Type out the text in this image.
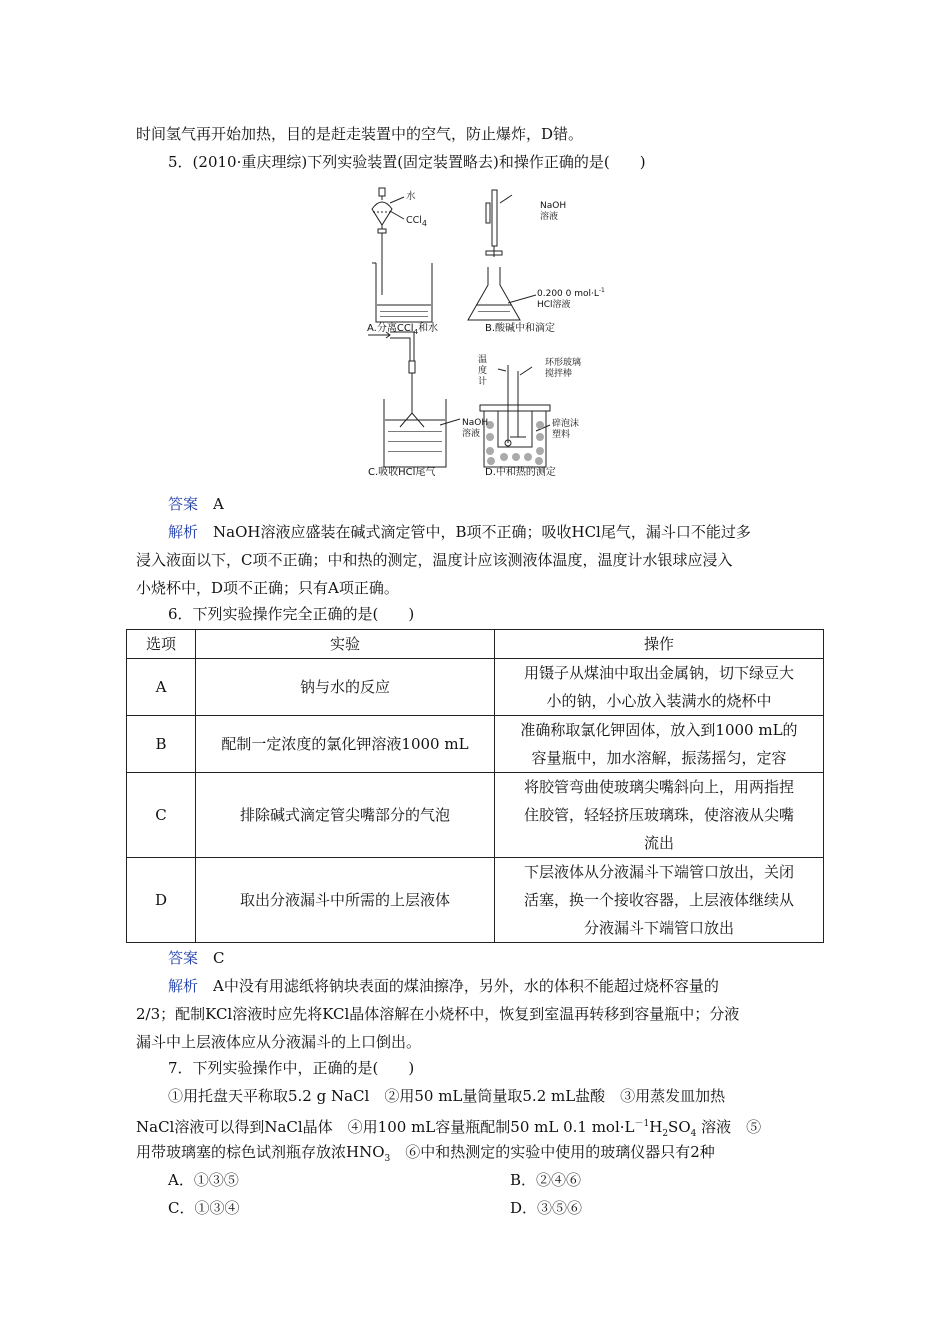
时间氢气再开始加热，目的是赶走装置中的空气，防止爆炸，D错。
5．(2010·重庆理综)下列实验装置(固定装置略去)和操作正确的是(　　)
水
CCl$_4$
A.分离CCl$_4$和水
NaOH
溶液
0.200 0 $mol\cdot L^{-1}$
HCl溶液
B.酸碱中和滴定
NaOH
溶液
C.吸收HCl尾气
温
度
计
环形玻璃
搅拌棒
碎泡沫
塑料
D.中和热的测定
答案　 A
解析　 NaOH溶液应盛装在碱式滴定管中，B项不正确；吸收HCl尾气，漏斗口不能过多
浸入液面以下，C项不正确；中和热的测定，温度计应该测液体温度，温度计水银球应浸入
小烧杯中，D项不正确；只有A项正确。
6．下列实验操作完全正确的是(　　)
选项	实验	操作
A	钠与水的反应	用镊子从煤油中取出金属钠，切下绿豆大
小的钠，小心放入装满水的烧杯中
B	配制一定浓度的氯化钾溶液1000 mL	准确称取氯化钾固体，放入到1000 mL的
容量瓶中，加水溶解，振荡摇匀，定容
C	排除碱式滴定管尖嘴部分的气泡	将胶管弯曲使玻璃尖嘴斜向上，用两指捏
住胶管，轻轻挤压玻璃珠，使溶液从尖嘴
流出
D	取出分液漏斗中所需的上层液体	下层液体从分液漏斗下端管口放出，关闭
活塞，换一个接收容器，上层液体继续从
分液漏斗下端管口放出
答案　 C
解析　 A中没有用滤纸将钠块表面的煤油擦净，另外，水的体积不能超过烧杯容量的
2/3；配制KCl溶液时应先将KCl晶体溶解在小烧杯中，恢复到室温再转移到容量瓶中；分液
漏斗中上层液体应从分液漏斗的上口倒出。
7．下列实验操作中，正确的是(　　)
①用托盘天平称取5.2 g NaCl　②用50 mL量筒量取5.2 mL盐酸　③用蒸发皿加热
NaCl溶液可以得到NaCl晶体　④用100 mL容量瓶配制50 mL 0.1 $mol\cdot L^{-1}H_2SO_4$ 溶液　⑤
用带玻璃塞的棕色试剂瓶存放浓$HNO_3$　⑥中和热测定的实验中使用的玻璃仪器只有2种
A．①③⑤	B．②④⑥
C．①③④	D．③⑤⑥
